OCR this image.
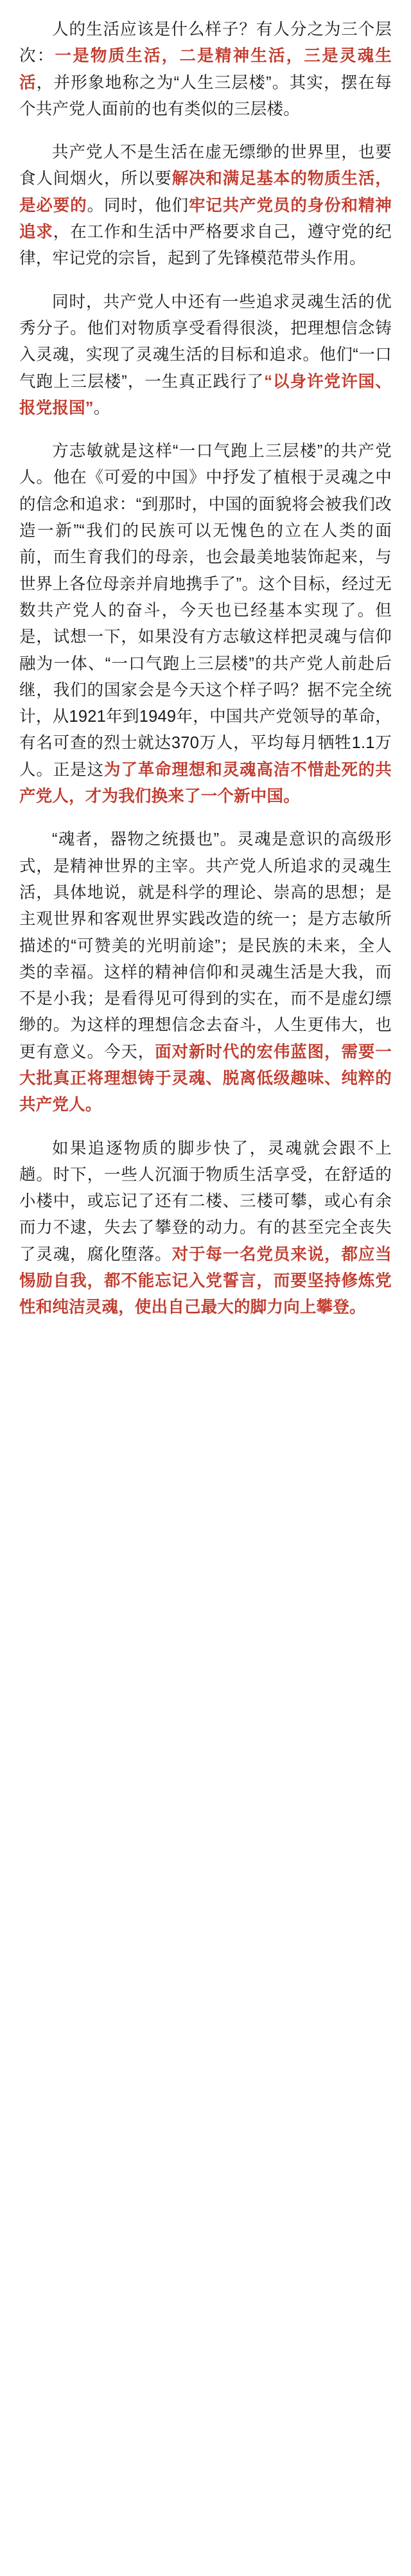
人的生活应该是什么样子？有人分之为三个层次：一是物质生活，二是精神生活，三是灵魂生活，并形象地称之为“人生三层楼”。其实，摆在每个共产党人面前的也有类似的三层楼。

共产党人不是生活在虚无缥缈的世界里，也要食人间烟火，所以要解决和满足基本的物质生活，是必要的。同时，他们牢记共产党员的身份和精神追求，在工作和生活中严格要求自己，遵守党的纪律，牢记党的宗旨，起到了先锋模范带头作用。

同时，共产党人中还有一些追求灵魂生活的优秀分子。他们对物质享受看得很淡，把理想信念铸入灵魂，实现了灵魂生活的目标和追求。他们“一口气跑上三层楼”，一生真正践行了“以身许党许国、报党报国”。

方志敏就是这样“一口气跑上三层楼”的共产党人。他在《可爱的中国》中抒发了植根于灵魂之中的信念和追求：“到那时，中国的面貌将会被我们改造一新”“我们的民族可以无愧色的立在人类的面前，而生育我们的母亲，也会最美地装饰起来，与世界上各位母亲并肩地携手了”。这个目标，经过无数共产党人的奋斗，今天也已经基本实现了。但是，试想一下，如果没有方志敏这样把灵魂与信仰融为一体、“一口气跑上三层楼”的共产党人前赴后继，我们的国家会是今天这个样子吗？据不完全统计，从1921年到1949年，中国共产党领导的革命，有名可查的烈士就达370万人，平均每月牺牲1.1万人。正是这为了革命理想和灵魂高洁不惜赴死的共产党人，才为我们换来了一个新中国。

“魂者，器物之统摄也”。灵魂是意识的高级形式，是精神世界的主宰。共产党人所追求的灵魂生活，具体地说，就是科学的理论、崇高的思想；是主观世界和客观世界实践改造的统一；是方志敏所描述的“可赞美的光明前途”；是民族的未来，全人类的幸福。这样的精神信仰和灵魂生活是大我，而不是小我；是看得见可得到的实在，而不是虚幻缥缈的。为这样的理想信念去奋斗，人生更伟大，也更有意义。今天，面对新时代的宏伟蓝图，需要一大批真正将理想铸于灵魂、脱离低级趣味、纯粹的共产党人。

如果追逐物质的脚步快了，灵魂就会跟不上趟。时下，一些人沉湎于物质生活享受，在舒适的小楼中，或忘记了还有二楼、三楼可攀，或心有余而力不逮，失去了攀登的动力。有的甚至完全丧失了灵魂，腐化堕落。对于每一名党员来说，都应当惕励自我，都不能忘记入党誓言，而要坚持修炼党性和纯洁灵魂，使出自己最大的脚力向上攀登。
